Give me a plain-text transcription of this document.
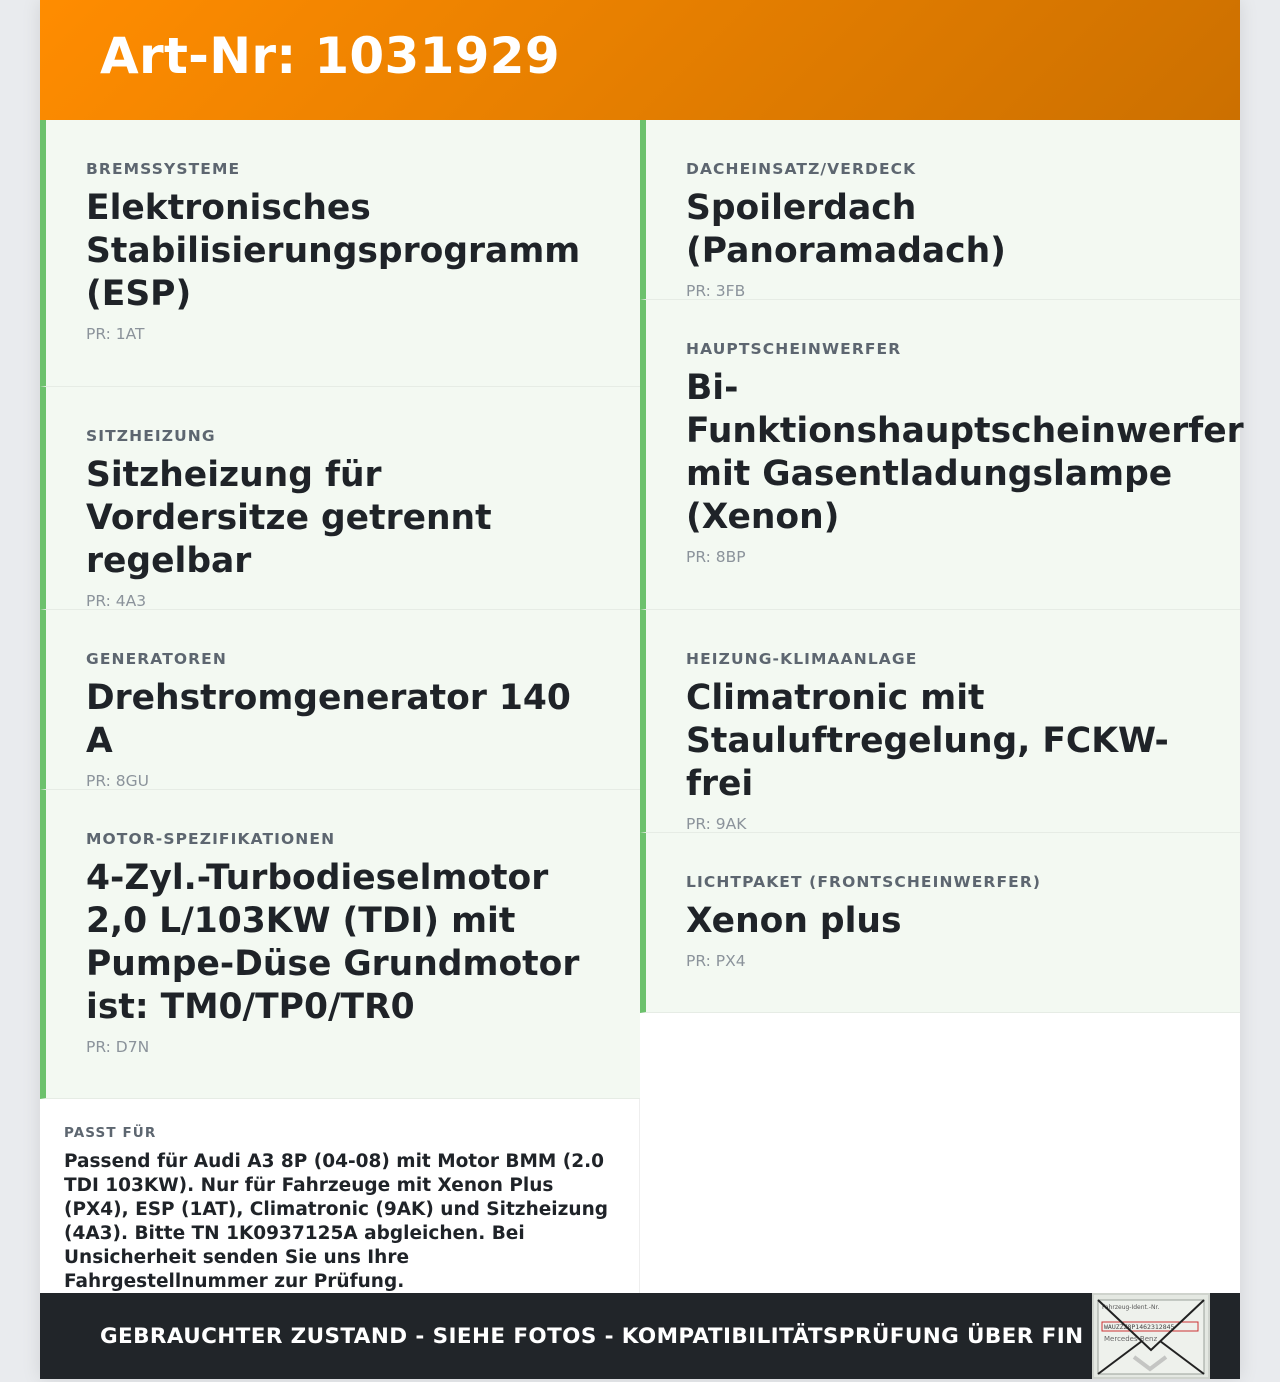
Art-Nr: 1031929
BREMSSYSTEME
Elektronisches Stabilisierungsprogramm (ESP)
PR: 1AT
SITZHEIZUNG
Sitzheizung für Vordersitze getrennt regelbar
PR: 4A3
GENERATOREN
Drehstromgenerator 140 A
PR: 8GU
MOTOR-SPEZIFIKATIONEN
4-Zyl.-Turbodieselmotor 2,0 L/103KW (TDI) mit Pumpe-Düse Grundmotor ist: TM0/TP0/TR0
PR: D7N
DACHEINSATZ/VERDECK
Spoilerdach (Panoramadach)
PR: 3FB
HAUPTSCHEINWERFER
Bi-Funktionshauptscheinwerfer mit Gasentladungslampe (Xenon)
PR: 8BP
HEIZUNG-KLIMAANLAGE
Climatronic mit Stauluftregelung, FCKW-frei
PR: 9AK
LICHTPAKET (FRONTSCHEINWERFER)
Xenon plus
PR: PX4
PASST FÜR
Passend für Audi A3 8P (04-08) mit Motor BMM (2.0 TDI 103KW). Nur für Fahrzeuge mit Xenon Plus (PX4), ESP (1AT), Climatronic (9AK) und Sitzheizung (4A3). Bitte TN 1K0937125A abgleichen. Bei Unsicherheit senden Sie uns Ihre Fahrgestellnummer zur Prüfung.
GEBRAUCHTER ZUSTAND - SIEHE FOTOS - KOMPATIBILITÄTSPRÜFUNG ÜBER FIN
Fahrzeug-Ident.-Nr.
WAUZZZ8P1462312845
Mercedes-Benz
